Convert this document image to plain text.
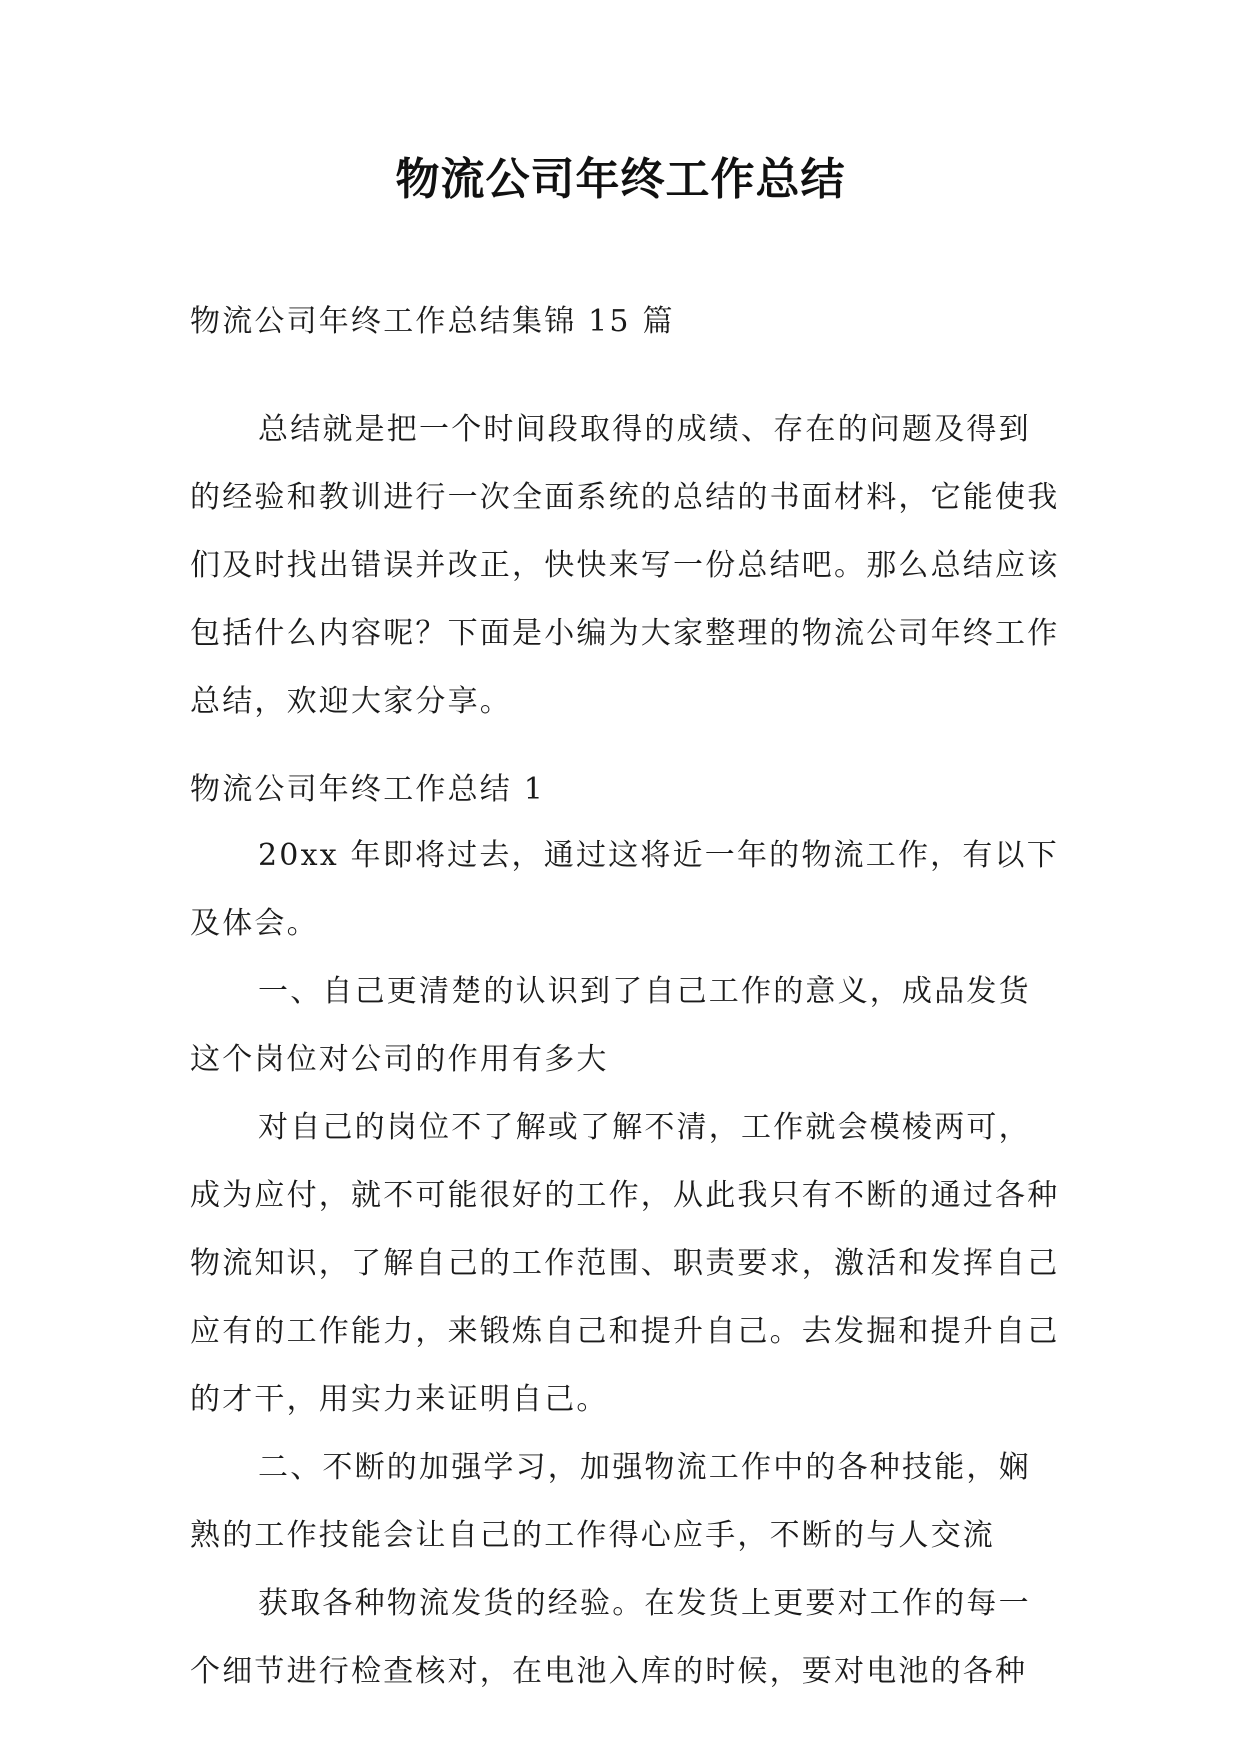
物流公司年终工作总结
物流公司年终工作总结集锦 15 篇
总结就是把一个时间段取得的成绩、存在的问题及得到的经验和教训进行一次全面系统的总结的书面材料，它能使我们及时找出错误并改正，快快来写一份总结吧。那么总结应该包括什么内容呢？下面是小编为大家整理的物流公司年终工作总结，欢迎大家分享。
物流公司年终工作总结 1

20xx 年即将过去，通过这将近一年的物流工作，有以下及体会。

一、自己更清楚的认识到了自己工作的意义，成品发货这个岗位对公司的作用有多大

对自己的岗位不了解或了解不清，工作就会模棱两可，成为应付，就不可能很好的工作，从此我只有不断的通过各种物流知识，了解自己的工作范围、职责要求，激活和发挥自己应有的工作能力，来锻炼自己和提升自己。去发掘和提升自己的才干，用实力来证明自己。

二、不断的加强学习，加强物流工作中的各种技能，娴熟的工作技能会让自己的工作得心应手，不断的与人交流

获取各种物流发货的经验。在发货上更要对工作的每一个细节进行检查核对，在电池入库的时候，要对电池的各种
